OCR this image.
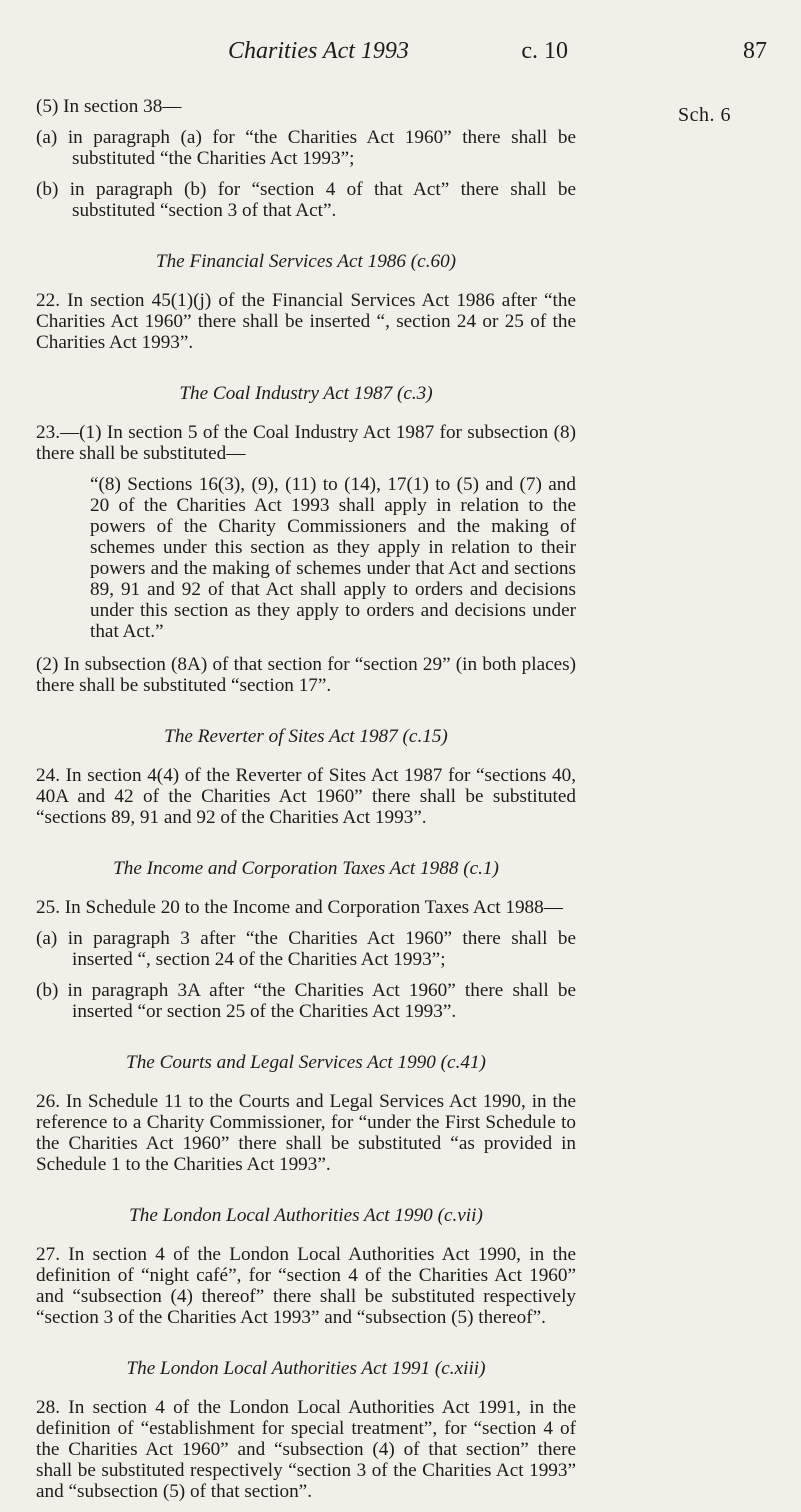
Charities Act 1993	c. 10	87
Sch. 6

(5) In section 38—

(a) in paragraph (a) for “the Charities Act 1960” there shall be substituted “the Charities Act 1993”;

(b) in paragraph (b) for “section 4 of that Act” there shall be substituted “section 3 of that Act”.

The Financial Services Act 1986 (c.60)

22. In section 45(1)(j) of the Financial Services Act 1986 after “the Charities Act 1960” there shall be inserted “, section 24 or 25 of the Charities Act 1993”.

The Coal Industry Act 1987 (c.3)

23.—(1) In section 5 of the Coal Industry Act 1987 for subsection (8) there shall be substituted—

“(8) Sections 16(3), (9), (11) to (14), 17(1) to (5) and (7) and 20 of the Charities Act 1993 shall apply in relation to the powers of the Charity Commissioners and the making of schemes under this section as they apply in relation to their powers and the making of schemes under that Act and sections 89, 91 and 92 of that Act shall apply to orders and decisions under this section as they apply to orders and decisions under that Act.”

(2) In subsection (8A) of that section for “section 29” (in both places) there shall be substituted “section 17”.

The Reverter of Sites Act 1987 (c.15)

24. In section 4(4) of the Reverter of Sites Act 1987 for “sections 40, 40A and 42 of the Charities Act 1960” there shall be substituted “sections 89, 91 and 92 of the Charities Act 1993”.

The Income and Corporation Taxes Act 1988 (c.1)

25. In Schedule 20 to the Income and Corporation Taxes Act 1988—

(a) in paragraph 3 after “the Charities Act 1960” there shall be inserted “, section 24 of the Charities Act 1993”;

(b) in paragraph 3A after “the Charities Act 1960” there shall be inserted “or section 25 of the Charities Act 1993”.

The Courts and Legal Services Act 1990 (c.41)

26. In Schedule 11 to the Courts and Legal Services Act 1990, in the reference to a Charity Commissioner, for “under the First Schedule to the Charities Act 1960” there shall be substituted “as provided in Schedule 1 to the Charities Act 1993”.

The London Local Authorities Act 1990 (c.vii)

27. In section 4 of the London Local Authorities Act 1990, in the definition of “night café”, for “section 4 of the Charities Act 1960” and “subsection (4) thereof” there shall be substituted respectively “section 3 of the Charities Act 1993” and “subsection (5) thereof”.

The London Local Authorities Act 1991 (c.xiii)

28. In section 4 of the London Local Authorities Act 1991, in the definition of “establishment for special treatment”, for “section 4 of the Charities Act 1960” and “subsection (4) of that section” there shall be substituted respectively “section 3 of the Charities Act 1993” and “subsection (5) of that section”.
